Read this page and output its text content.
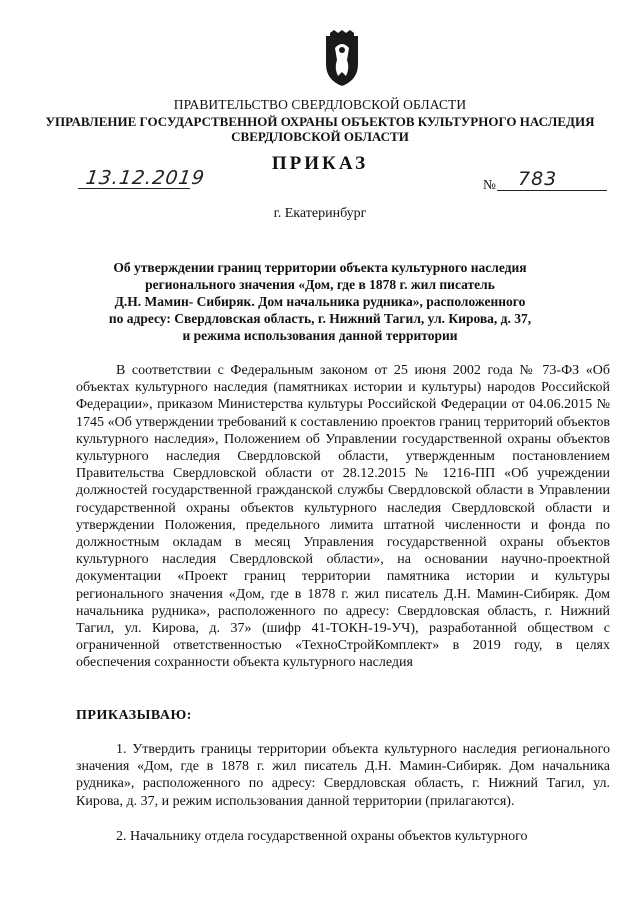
ПРАВИТЕЛЬСТВО СВЕРДЛОВСКОЙ ОБЛАСТИ
УПРАВЛЕНИЕ ГОСУДАРСТВЕННОЙ ОХРАНЫ ОБЪЕКТОВ КУЛЬТУРНОГО НАСЛЕДИЯ
СВЕРДЛОВСКОЙ ОБЛАСТИ
ПРИКАЗ
13.12.2019	№ 783
г. Екатеринбург
Об утверждении границ территории объекта культурного наследия
регионального значения «Дом, где в 1878 г. жил писатель
Д.Н. Мамин- Сибиряк. Дом начальника рудника», расположенного
по адресу: Свердловская область, г. Нижний Тагил, ул. Кирова, д. 37,
и режима использования данной территории
В соответствии с Федеральным законом от 25 июня 2002 года № 73-ФЗ «Об объектах культурного наследия (памятниках истории и культуры) народов Российской Федерации», приказом Министерства культуры Российской Федерации от 04.06.2015 № 1745 «Об утверждении требований к составлению проектов границ территорий объектов культурного наследия», Положением об Управлении государственной охраны объектов культурного наследия Свердловской области, утвержденным постановлением Правительства Свердловской области от 28.12.2015 № 1216-ПП «Об учреждении должностей государственной гражданской службы Свердловской области в Управлении государственной охраны объектов культурного наследия Свердловской области и утверждении Положения, предельного лимита штатной численности и фонда по должностным окладам в месяц Управления государственной охраны объектов культурного наследия Свердловской области», на основании научно-проектной документации «Проект границ территории памятника истории и культуры регионального значения «Дом, где в 1878 г. жил писатель Д.Н. Мамин-Сибиряк. Дом начальника рудника», расположенного по адресу: Свердловская область, г. Нижний Тагил, ул. Кирова, д. 37» (шифр 41-ТОКН-19-УЧ), разработанной обществом с ограниченной ответственностью «ТехноСтройКомплект» в 2019 году, в целях обеспечения сохранности объекта культурного наследия
ПРИКАЗЫВАЮ:
1. Утвердить границы территории объекта культурного наследия регионального значения «Дом, где в 1878 г. жил писатель Д.Н. Мамин-Сибиряк. Дом начальника рудника», расположенного по адресу: Свердловская область, г. Нижний Тагил, ул. Кирова, д. 37, и режим использования данной территории (прилагаются).
2. Начальнику отдела государственной охраны объектов культурного
